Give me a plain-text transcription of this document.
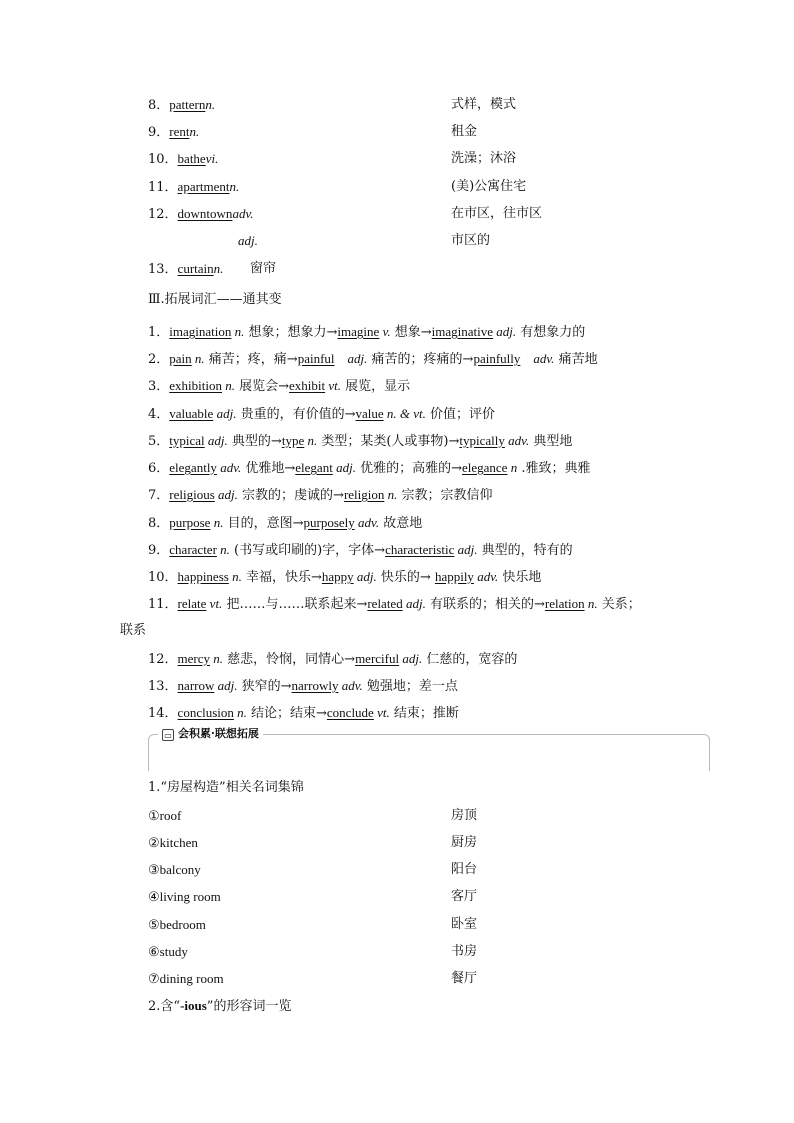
8．patternn.	式样，模式
9．rentn.	租金
10．bathevi.	洗澡；沐浴
11．apartmentn.	(美)公寓住宅
12．downtownadv.	在市区，往市区
adj.	市区的
13．curtainn. 窗帘
Ⅲ.拓展词汇——通其变
1．imagination n. 想象；想象力→imagine v. 想象→imaginative adj. 有想象力的
2．pain n. 痛苦；疼，痛→painful　adj. 痛苦的；疼痛的→painfully　adv. 痛苦地
3．exhibition n. 展览会→exhibit vt. 展览，显示
4．valuable adj. 贵重的，有价值的→value n. & vt. 价值；评价
5．typical adj. 典型的→type n. 类型；某类(人或事物)→typically adv. 典型地
6．elegantly adv. 优雅地→elegant adj. 优雅的；高雅的→elegance n .雅致；典雅
7．religious adj. 宗教的；虔诚的→religion n. 宗教；宗教信仰
8．purpose n. 目的，意图→purposely adv. 故意地
9．character n. (书写或印刷的)字，字体→characteristic adj. 典型的，特有的
10．happiness n. 幸福，快乐→happy adj. 快乐的→ happily adv. 快乐地
11．relate vt. 把……与……联系起来→related adj. 有联系的；相关的→relation n. 关系；
12．mercy n. 慈悲，怜悯，同情心→merciful adj. 仁慈的，宽容的
13．narrow adj. 狭窄的→narrowly adv. 勉强地；差一点
14．conclusion n. 结论；结束→conclude vt. 结束；推断
联系
▭ 会积累·联想拓展
1.“房屋构造”相关名词集锦
①roof	房顶
②kitchen	厨房
③balcony	阳台
④living room	客厅
⑤bedroom	卧室
⑥study	书房
⑦dining room	餐厅
2.含“-ious”的形容词一览
